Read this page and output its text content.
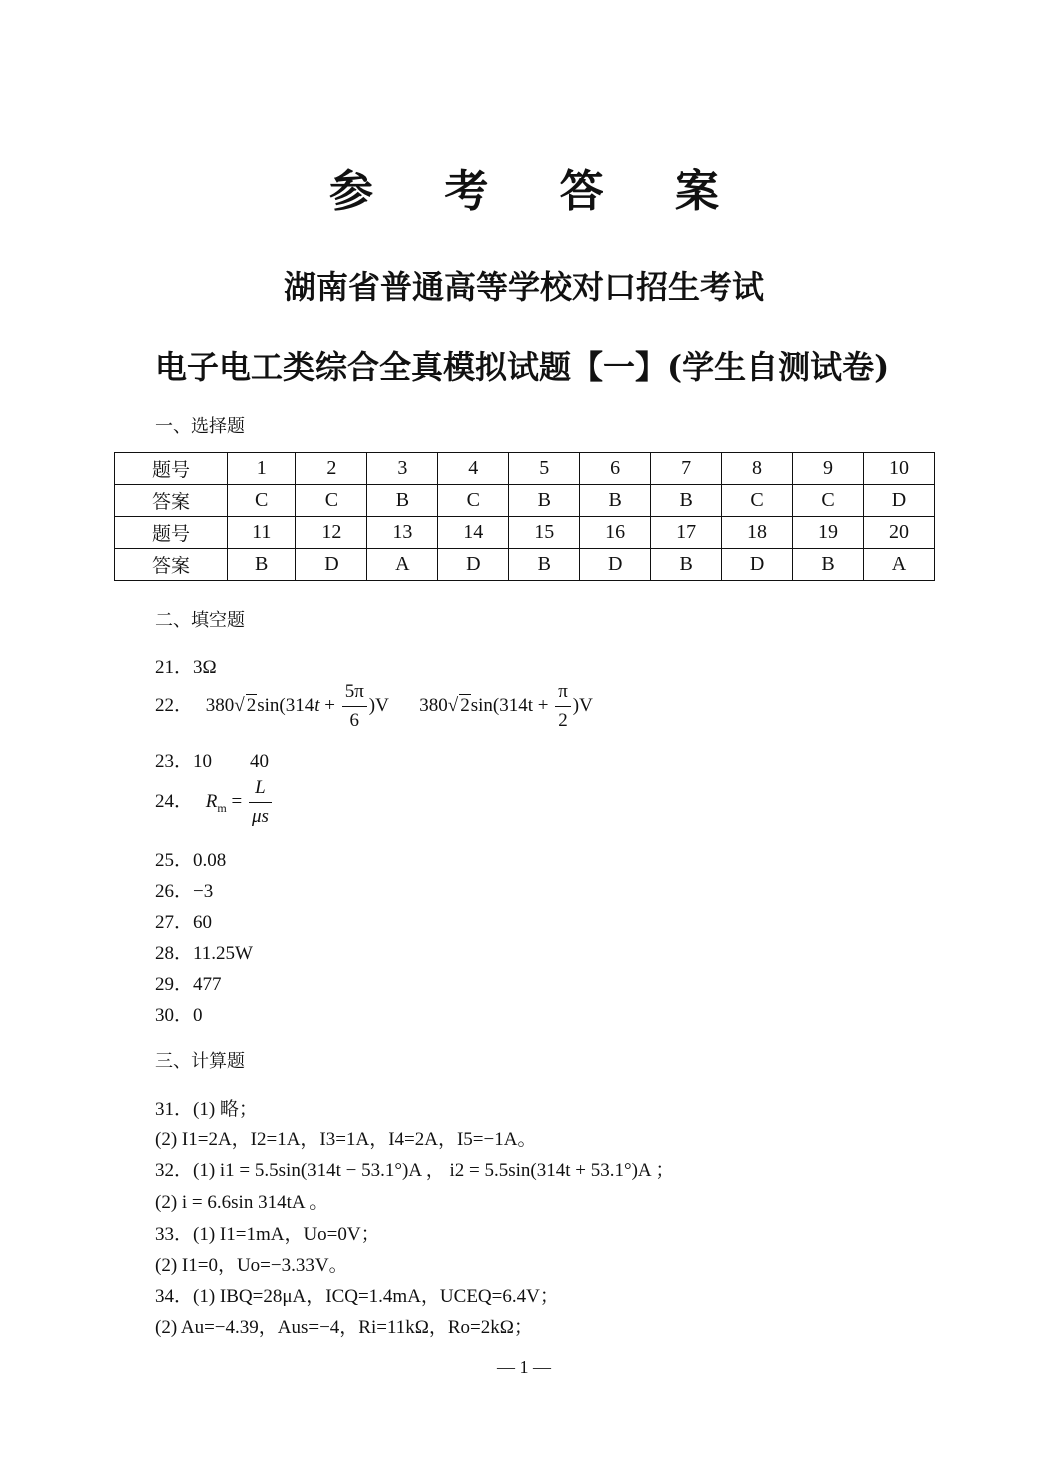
参 考 答 案
湖南省普通高等学校对口招生考试
电子电工类综合全真模拟试题【一】(学生自测试卷)
一、选择题
题号	1	2	3	4	5	6	7	8	9	10
答案	C	C	B	C	B	B	B	C	C	D
题号	11	12	13	14	15	16	17	18	19	20
答案	B	D	A	D	B	D	B	D	B	A
二、填空题
21．3Ω
22． 380√ $2\sin(314t + \frac{5\pi}{6} )V$ 380√ $2\sin(314t + \frac{\pi}{2} )V$
23．10　　40
24． $R_m = \frac{L}{\mu s}$
25．0.08
26．−3
27．60
28．11.25W
29．477
30．0
三、计算题
31．(1) 略；
(2) I1=2A，I2=1A，I3=1A，I4=2A，I5=−1A。
32．(1) i1 = 5.5sin(314t − 53.1°)A ， i2 = 5.5sin(314t + 53.1°)A ；
(2) i = 6.6sin 314tA 。
33．(1) I1=1mA，Uo=0V；
(2) I1=0，Uo=−3.33V。
34．(1) IBQ=28μA，ICQ=1.4mA，UCEQ=6.4V；
(2) Au=−4.39，Aus=−4，Ri=11kΩ，Ro=2kΩ；
— 1 —
